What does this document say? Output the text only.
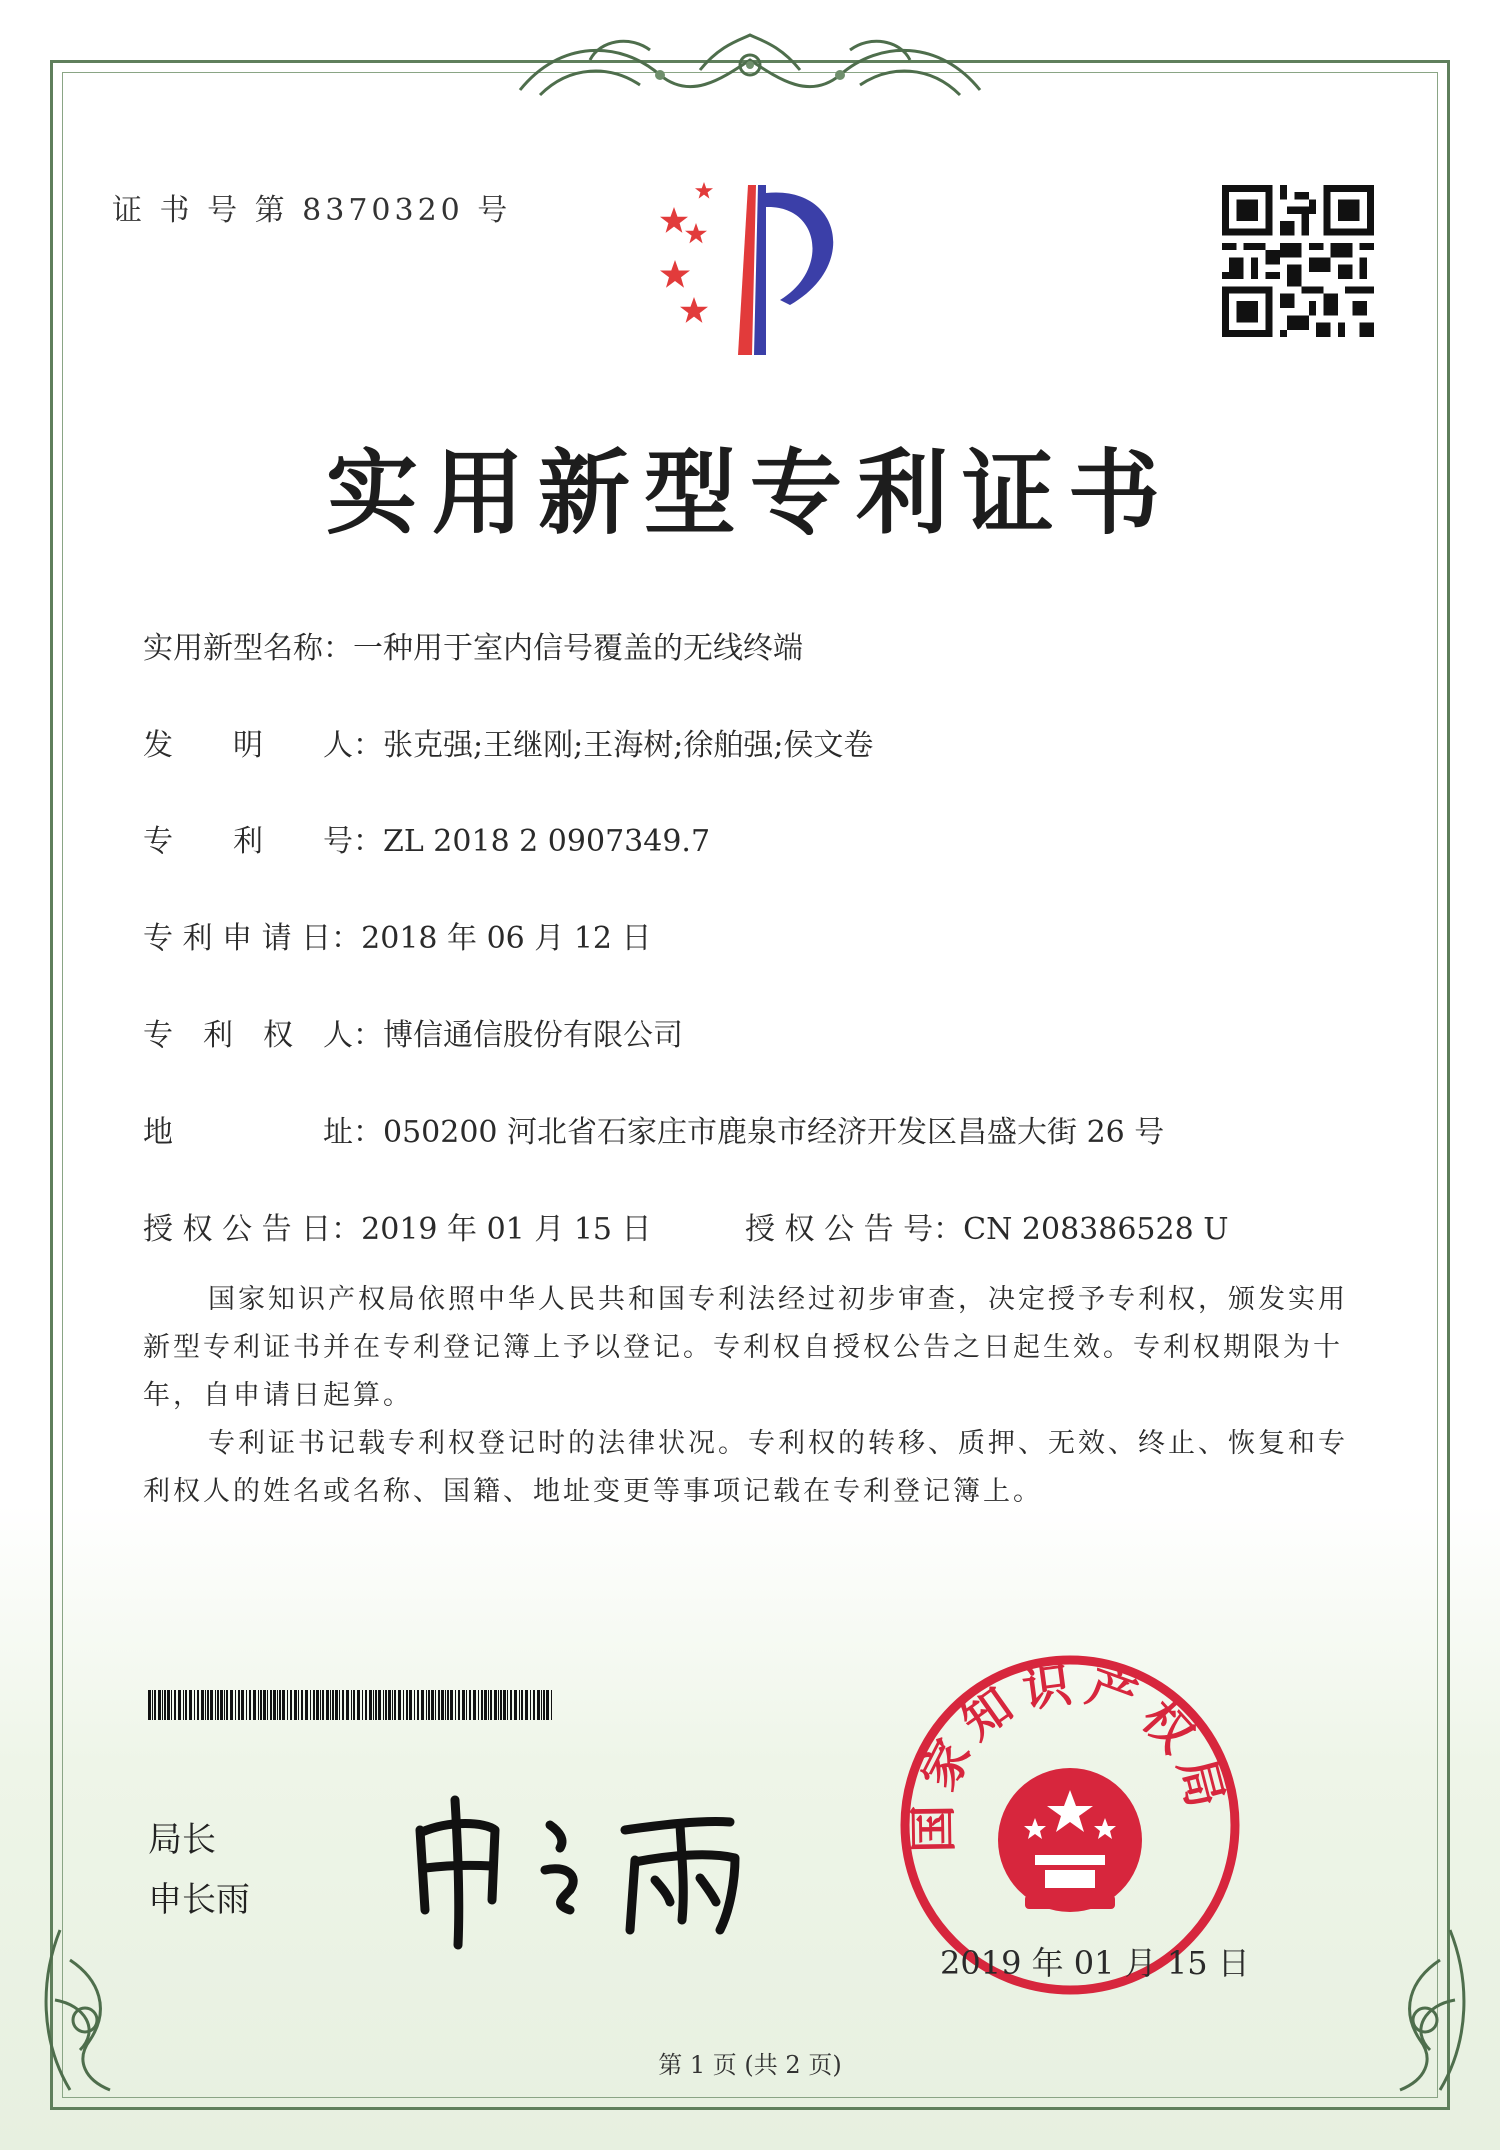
证 书 号 第 8370320 号
实用新型专利证书
实用新型名称：一种用于室内信号覆盖的无线终端
发　　明　　人：张克强;王继刚;王海树;徐舶强;侯文卷
专　　利　　号：ZL 2018 2 0907349.7
专 利 申 请 日：2018 年 06 月 12 日
专　利　权　人：博信通信股份有限公司
地　　　　　址：050200 河北省石家庄市鹿泉市经济开发区昌盛大街 26 号
授 权 公 告 日：2019 年 01 月 15 日	授 权 公 告 号：CN 208386528 U

国家知识产权局依照中华人民共和国专利法经过初步审查，决定授予专利权，颁发实用新型专利证书并在专利登记簿上予以登记。专利权自授权公告之日起生效。专利权期限为十年，自申请日起算。

专利证书记载专利权登记时的法律状况。专利权的转移、质押、无效、终止、恢复和专利权人的姓名或名称、国籍、地址变更等事项记载在专利登记簿上。

局长
申长雨
国家知识产权局
2019 年 01 月 15 日
第 1 页 (共 2 页)
